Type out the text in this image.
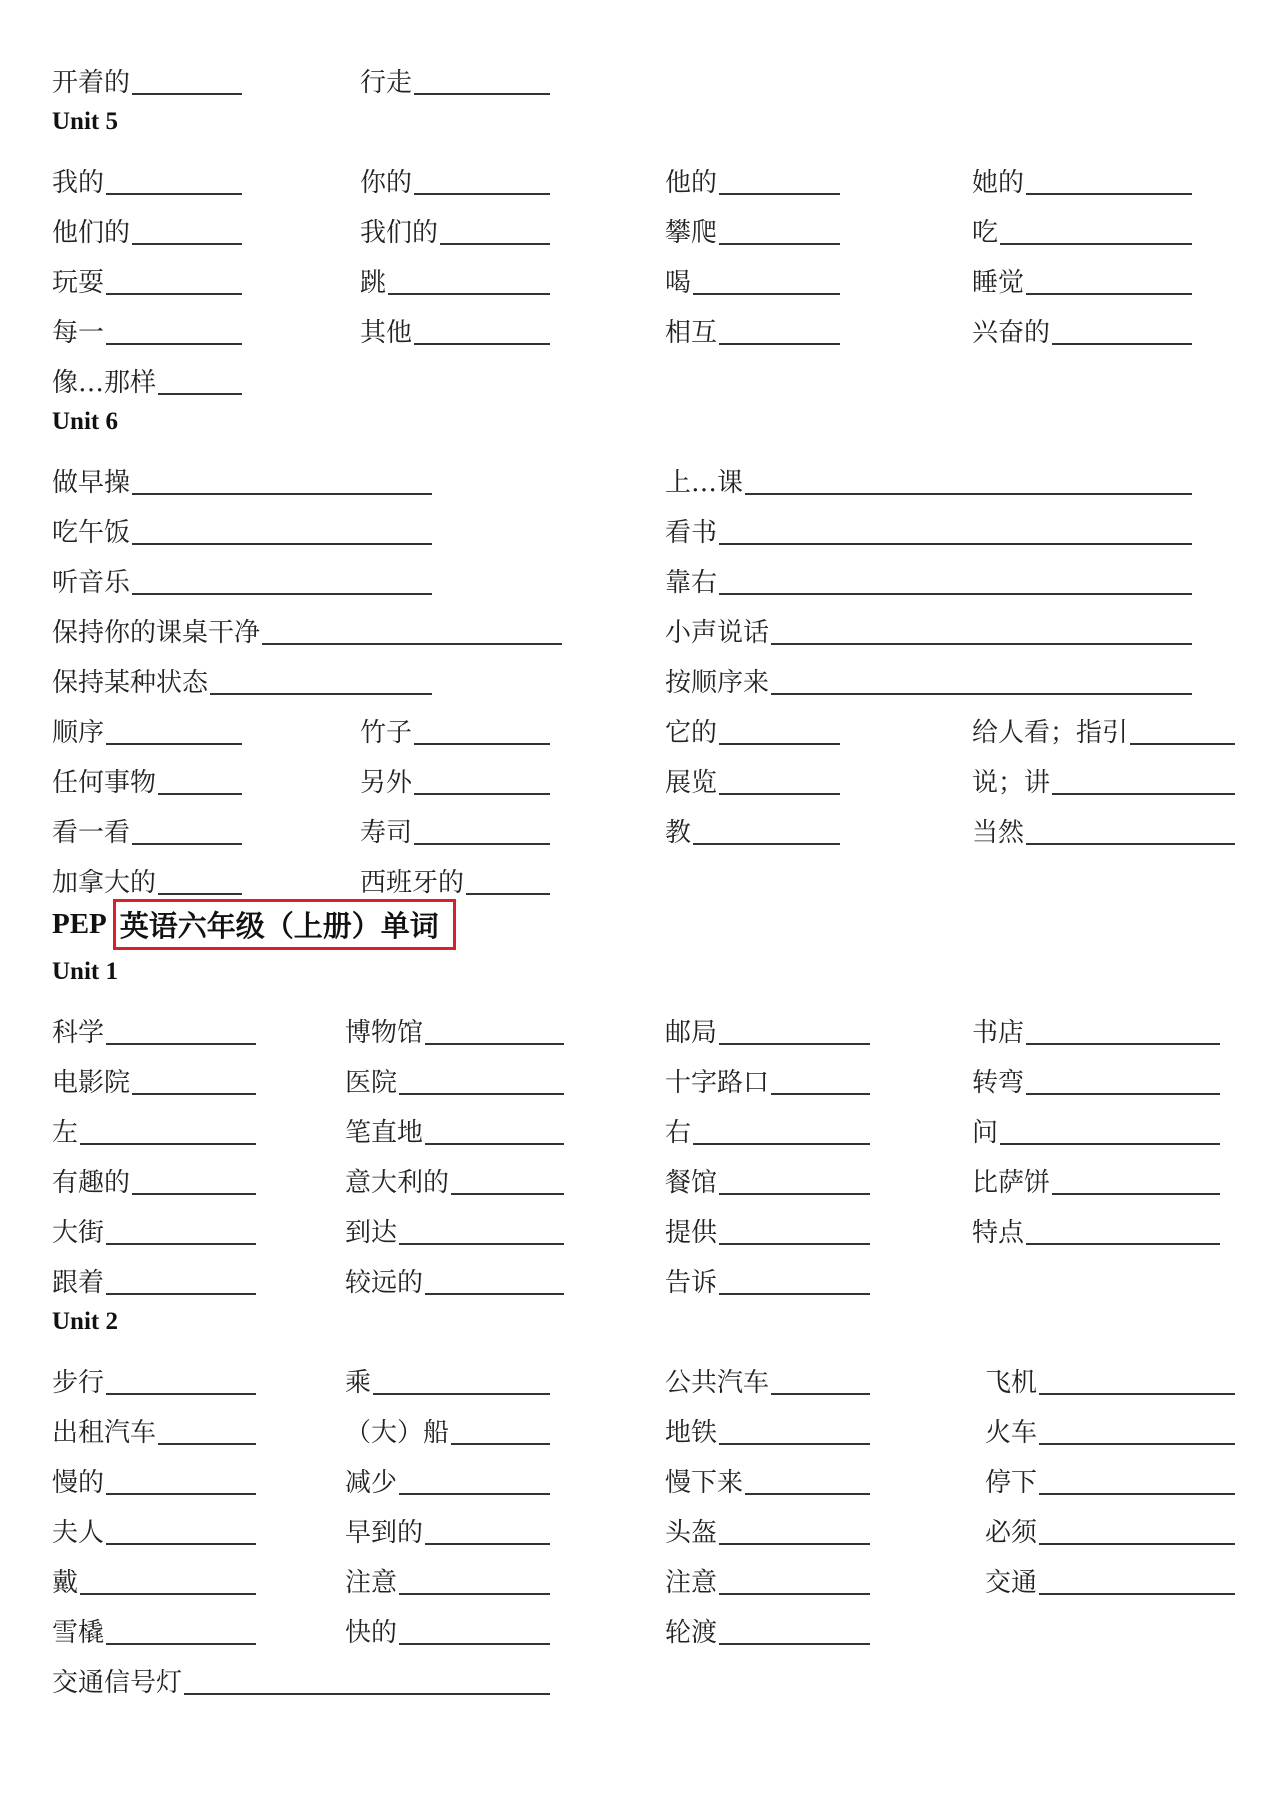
开着的	行走
Unit 5
我的	你的	他的	她的
他们的	我们的	攀爬	吃
玩耍	跳	喝	睡觉
每一	其他	相互	兴奋的
像…那样
Unit 6
做早操	上…课
吃午饭	看书
听音乐	靠右
保持你的课桌干净	小声说话
保持某种状态	按顺序来
顺序	竹子	它的	给人看；指引
任何事物	另外	展览	说；讲
看一看	寿司	教	当然
加拿大的	西班牙的
PEP 英语六年级（上册）单词
Unit 1
科学	博物馆	邮局	书店
电影院	医院	十字路口	转弯
左	笔直地	右	问
有趣的	意大利的	餐馆	比萨饼
大街	到达	提供	特点
跟着	较远的	告诉
Unit 2
步行	乘	公共汽车	飞机
出租汽车	（大）船	地铁	火车
慢的	减少	慢下来	停下
夫人	早到的	头盔	必须
戴	注意	注意	交通
雪橇	快的	轮渡
交通信号灯
